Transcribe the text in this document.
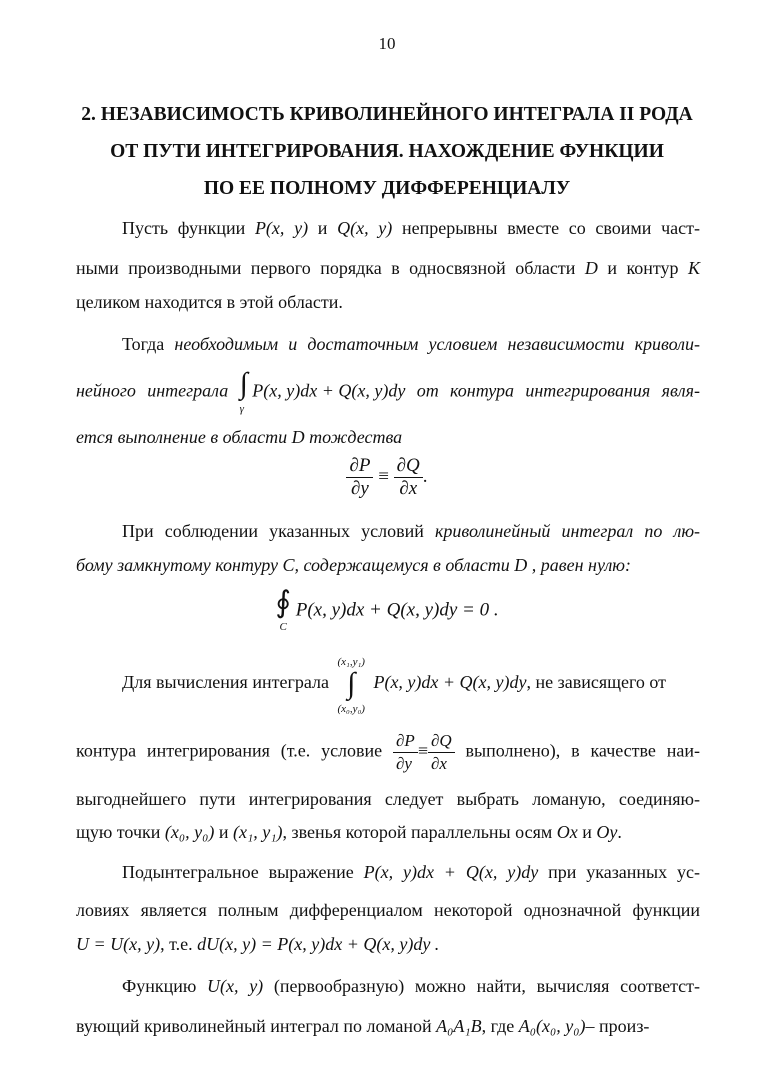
10
2. НЕЗАВИСИМОСТЬ КРИВОЛИНЕЙНОГО ИНТЕГРАЛА II РОДА
ОТ ПУТИ ИНТЕГРИРОВАНИЯ. НАХОЖДЕНИЕ ФУНКЦИИ
ПО ЕЕ ПОЛНОМУ ДИФФЕРЕНЦИАЛУ
Пусть функции P(x, y) и Q(x, y) непрерывны вместе со своими част-
ными производными первого порядка в односвязной области D и контур K
целиком находится в этой области.
Тогда необходимым и достаточным условием независимости криволи-
нейного интеграла ∫
γ P(x, y)dx + Q(x, y)dy от контура интегрирования явля-
ется выполнение в области D тождества
$\frac{\partial P}{\partial y} \equiv \frac{\partial Q}{\partial x}$ .
При соблюдении указанных условий криволинейный интеграл по лю-
бому замкнутому контуру C, содержащемуся в области D , равен нулю:
∮
C P(x, y)dx + Q(x, y)dy = 0 .
Для вычисления интеграла (x₁,y₁)
∫
(x₀,y₀) P(x, y)dx + Q(x, y)dy, не зависящего от
контура интегрирования (т.е. условие $\frac{\partial P}{\partial y} \equiv \frac{\partial Q}{\partial x}$ выполнено), в качестве наи-
выгоднейшего пути интегрирования следует выбрать ломаную, соединяю-
щую точки (x₀, y₀) и (x₁, y₁), звенья которой параллельны осям Ox и Oy.
Подынтегральное выражение P(x, y)dx + Q(x, y)dy при указанных ус-
ловиях является полным дифференциалом некоторой однозначной функции
U = U(x, y), т.е. dU(x, y) = P(x, y)dx + Q(x, y)dy .
Функцию U(x, y) (первообразную) можно найти, вычисляя соответст-
вующий криволинейный интеграл по ломаной A₀A₁B, где A₀(x₀, y₀)– произ-
